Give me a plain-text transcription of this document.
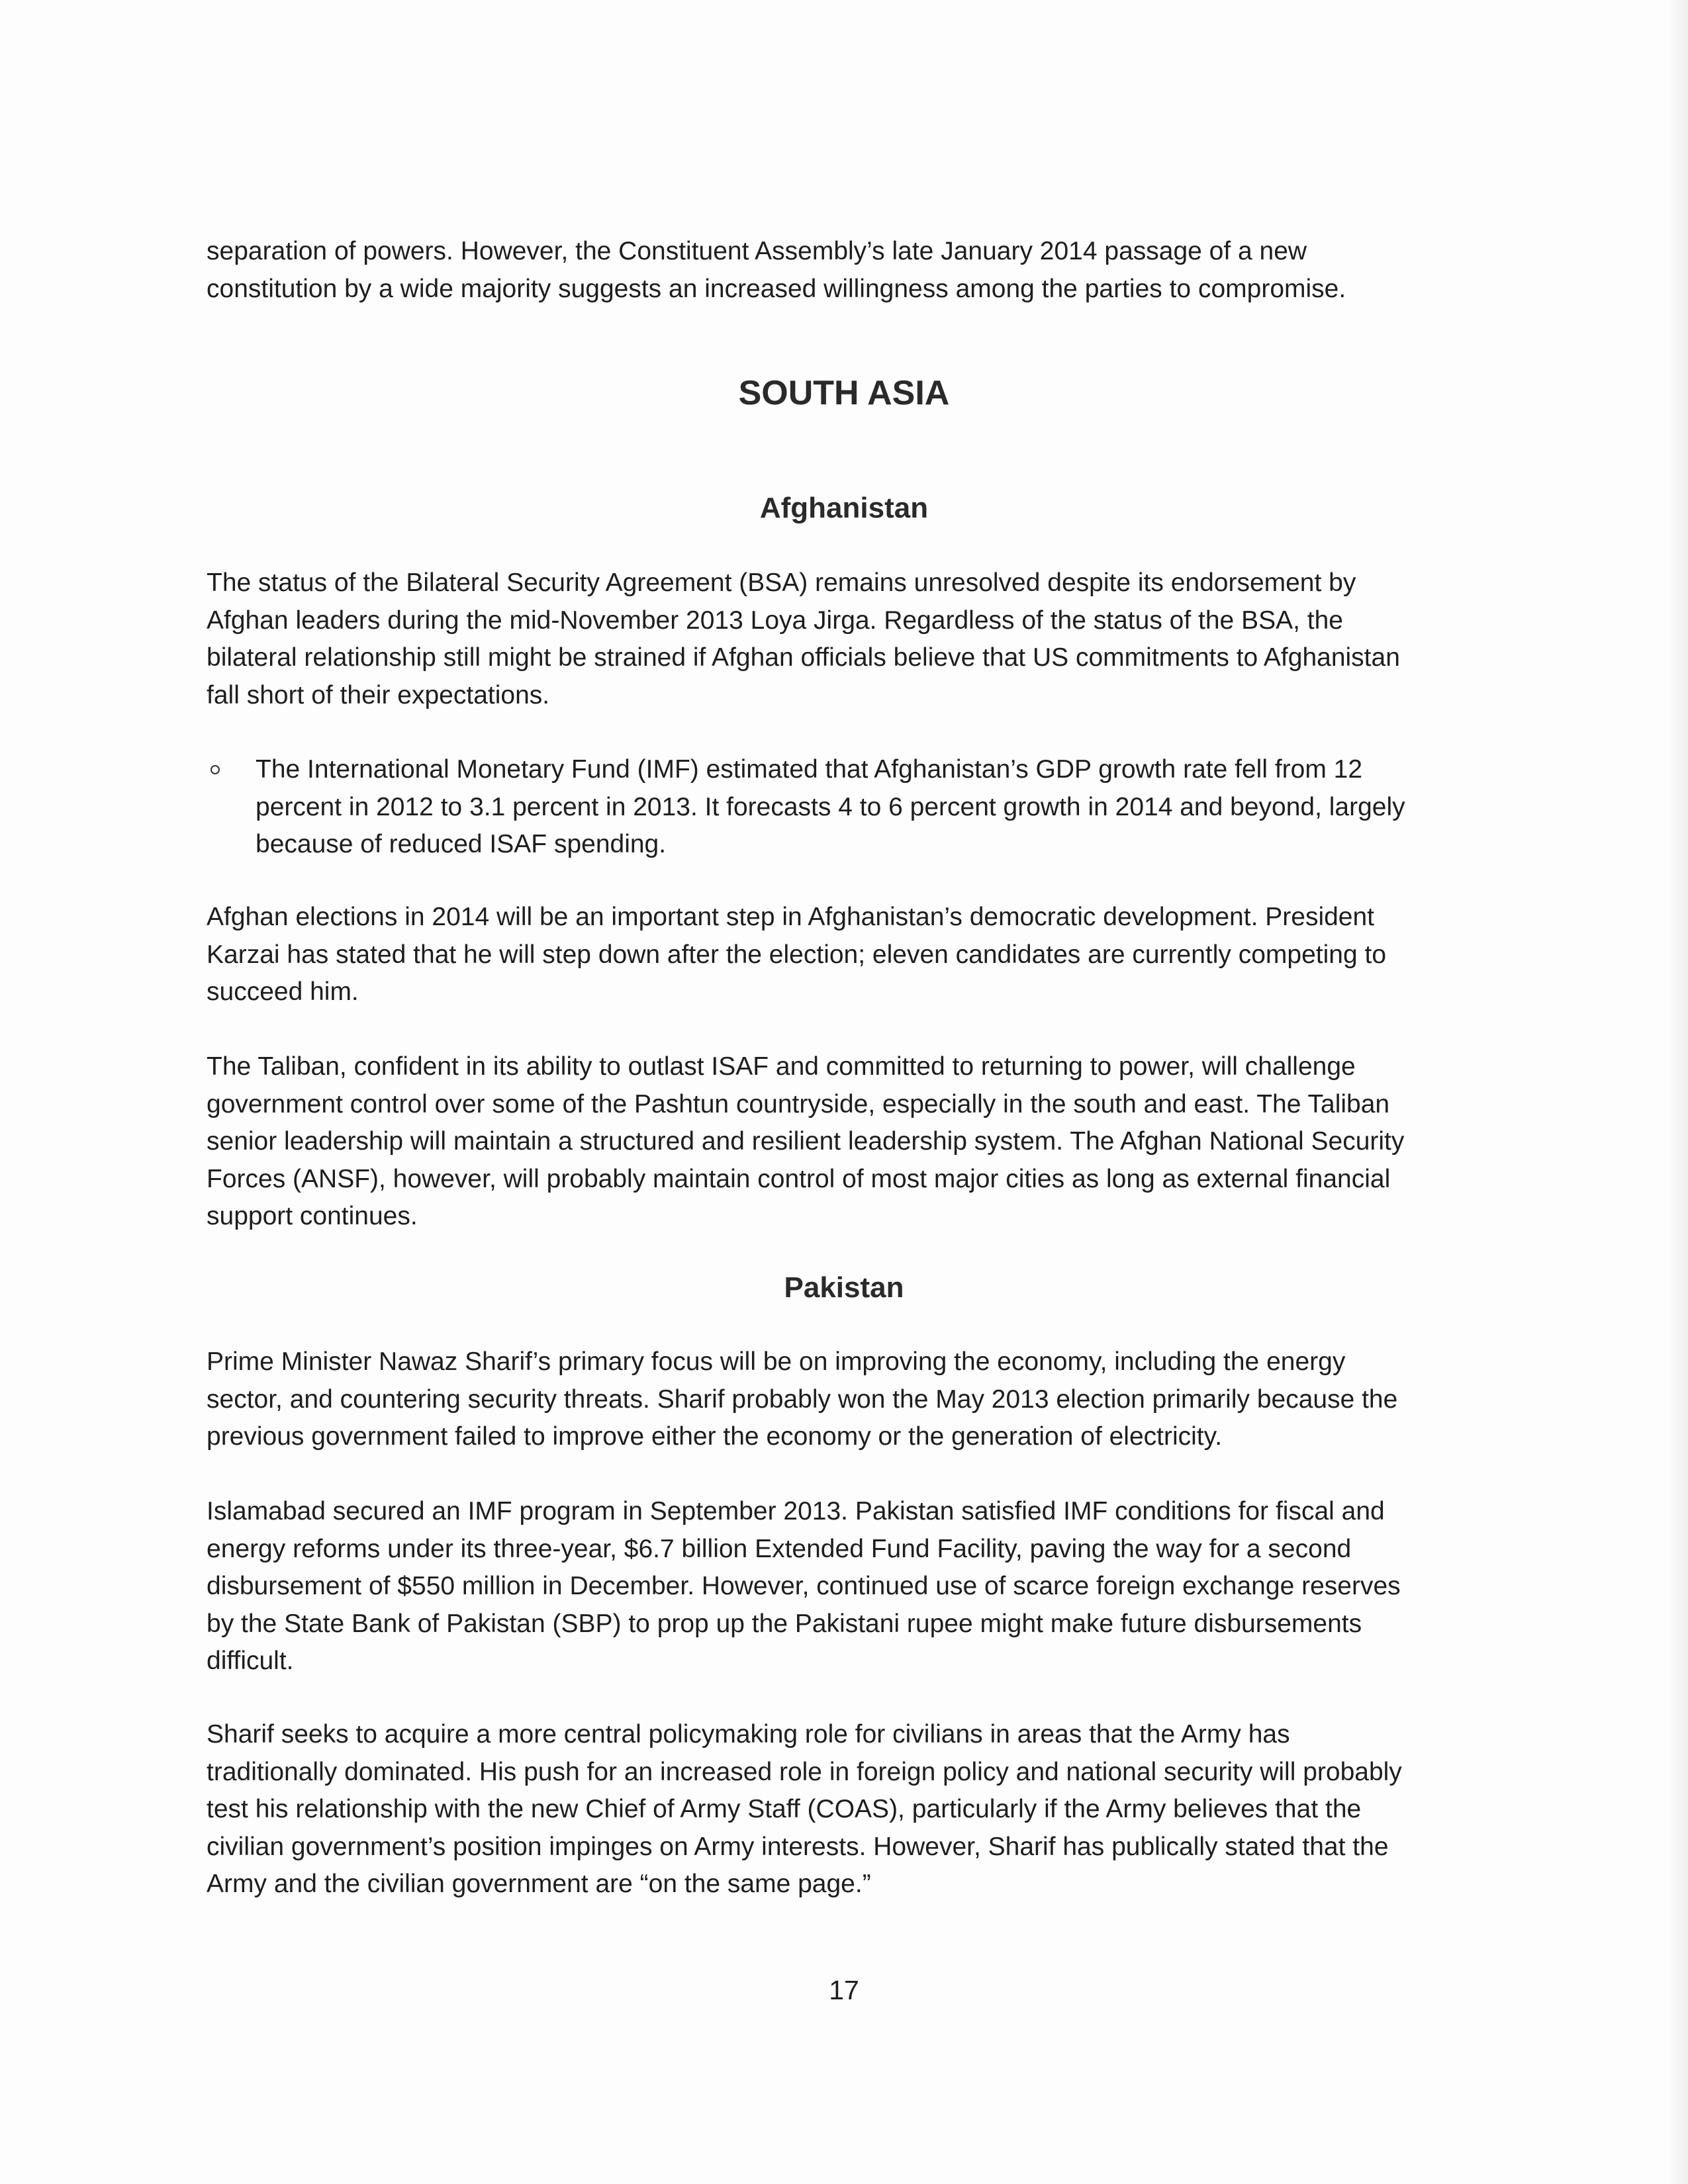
separation of powers. However, the Constituent Assembly’s late January 2014 passage of a new
constitution by a wide majority suggests an increased willingness among the parties to compromise.
SOUTH ASIA
Afghanistan
The status of the Bilateral Security Agreement (BSA) remains unresolved despite its endorsement by
Afghan leaders during the mid-November 2013 Loya Jirga. Regardless of the status of the BSA, the
bilateral relationship still might be strained if Afghan officials believe that US commitments to Afghanistan
fall short of their expectations.
The International Monetary Fund (IMF) estimated that Afghanistan’s GDP growth rate fell from 12
percent in 2012 to 3.1 percent in 2013. It forecasts 4 to 6 percent growth in 2014 and beyond, largely
because of reduced ISAF spending.
Afghan elections in 2014 will be an important step in Afghanistan’s democratic development. President
Karzai has stated that he will step down after the election; eleven candidates are currently competing to
succeed him.
The Taliban, confident in its ability to outlast ISAF and committed to returning to power, will challenge
government control over some of the Pashtun countryside, especially in the south and east. The Taliban
senior leadership will maintain a structured and resilient leadership system. The Afghan National Security
Forces (ANSF), however, will probably maintain control of most major cities as long as external financial
support continues.
Pakistan
Prime Minister Nawaz Sharif’s primary focus will be on improving the economy, including the energy
sector, and countering security threats. Sharif probably won the May 2013 election primarily because the
previous government failed to improve either the economy or the generation of electricity.
Islamabad secured an IMF program in September 2013. Pakistan satisfied IMF conditions for fiscal and
energy reforms under its three-year, $6.7 billion Extended Fund Facility, paving the way for a second
disbursement of $550 million in December. However, continued use of scarce foreign exchange reserves
by the State Bank of Pakistan (SBP) to prop up the Pakistani rupee might make future disbursements
difficult.
Sharif seeks to acquire a more central policymaking role for civilians in areas that the Army has
traditionally dominated. His push for an increased role in foreign policy and national security will probably
test his relationship with the new Chief of Army Staff (COAS), particularly if the Army believes that the
civilian government’s position impinges on Army interests. However, Sharif has publically stated that the
Army and the civilian government are “on the same page.”
17
